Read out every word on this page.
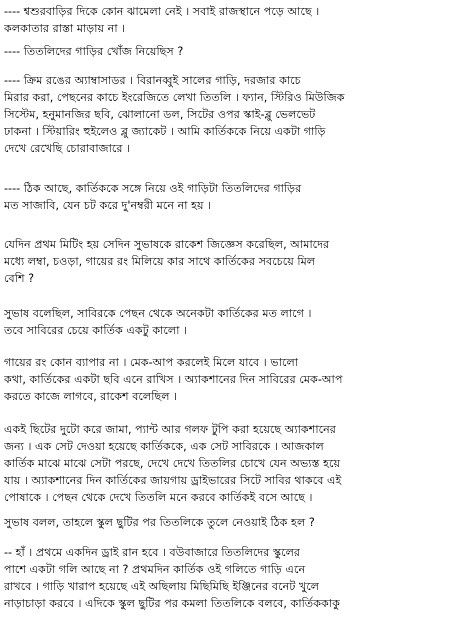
---- শ্বশুরবাড়ির দিকে কোন ঝামেলা নেই । সবাই রাজস্থানে পড়ে আছে ।
কলকাতার রাস্তা মাড়ায় না ।
---- তিতলিদের গাড়ির খোঁজ নিয়েছিস ?
---- ক্রিম রঙের অ্যাম্বাসাডর । বিরানব্বুই সালের গাড়ি, দরজার কাচে
মিরার করা, পেছনের কাচে ইংরেজিতে লেখা তিতলি । ফ্যান, স্টিরিও মিউজিক
সিস্টেম, হনুমানজির ছবি, ঝোলানো ডল, সিটের ওপর স্কাই-ব্লু ভেলভেট
ঢাকনা । স্টিয়ারিং হুইলেও ব্লু জ্যাকেট । আমি কার্তিককে নিয়ে একটা গাড়ি
দেখে রেখেছি চোরাবাজারে ।
---- ঠিক আছে, কার্তিককে সঙ্গে নিয়ে ওই গাড়িটা তিতলিদের গাড়ির
মত সাজাবি, যেন চট করে দু'নম্বরী মনে না হয় ।
যেদিন প্রথম মিটিং হয় সেদিন সুভাষকে রাকেশ জিজ্ঞেস করেছিল, আমাদের
মধ্যে লম্বা, চওড়া, গায়ের রং মিলিয়ে কার সাথে কার্তিকের সবচেয়ে মিল
বেশি ?
সুভাষ বলেছিল, সাবিরকে পেছন থেকে অনেকটা কার্তিকের মত লাগে ।
তবে সাবিরের চেয়ে কার্তিক একটু কালো ।
গায়ের রং কোন ব্যাপার না । মেক-আপ করলেই মিলে যাবে । ভালো
কথা, কার্তিকের একটা ছবি এনে রাখিস । অ্যাকশানের দিন সাবিরের মেক-আপ
করতে কাজে লাগবে, রাকেশ বলেছিল ।
একই ছিটের দুটো করে জামা, প্যান্ট আর গলফ টুপি করা হয়েছে অ্যাকশানের
জন্য । এক সেট দেওয়া হয়েছে কার্তিককে, এক সেট সাবিরকে । আজকাল
কার্তিক মাঝে মাঝে সেটা পরছে, দেখে দেখে তিতলির চোখে যেন অভ্যস্ত হয়ে
যায় । অ্যাকশানের দিন কার্তিকের জায়গায় ড্রাইভারের সিটে সাবির থাকবে এই
পোষাকে । পেছন থেকে দেখে তিতলি মনে করবে কার্তিকই বসে আছে ।
সুভাষ বলল, তাহলে স্কুল ছুটির পর তিতলিকে তুলে নেওয়াই ঠিক হল ?
-- হাঁ । প্রথমে একদিন ড্রাই রান হবে । বউবাজারে তিতলিদের স্কুলের
পাশে একটা গলি আছে না ? প্রথমদিন কার্তিক ওই গলিতে গাড়ি এনে
রাখবে । গাড়ি খারাপ হয়েছে এই অছিলায় মিছিমিছি ইঞ্জিনের বনেট খুলে
নাড়াচাড়া করবে । এদিকে স্কুল ছুটির পর কমলা তিতলিকে বলবে, কার্তিককাকু
